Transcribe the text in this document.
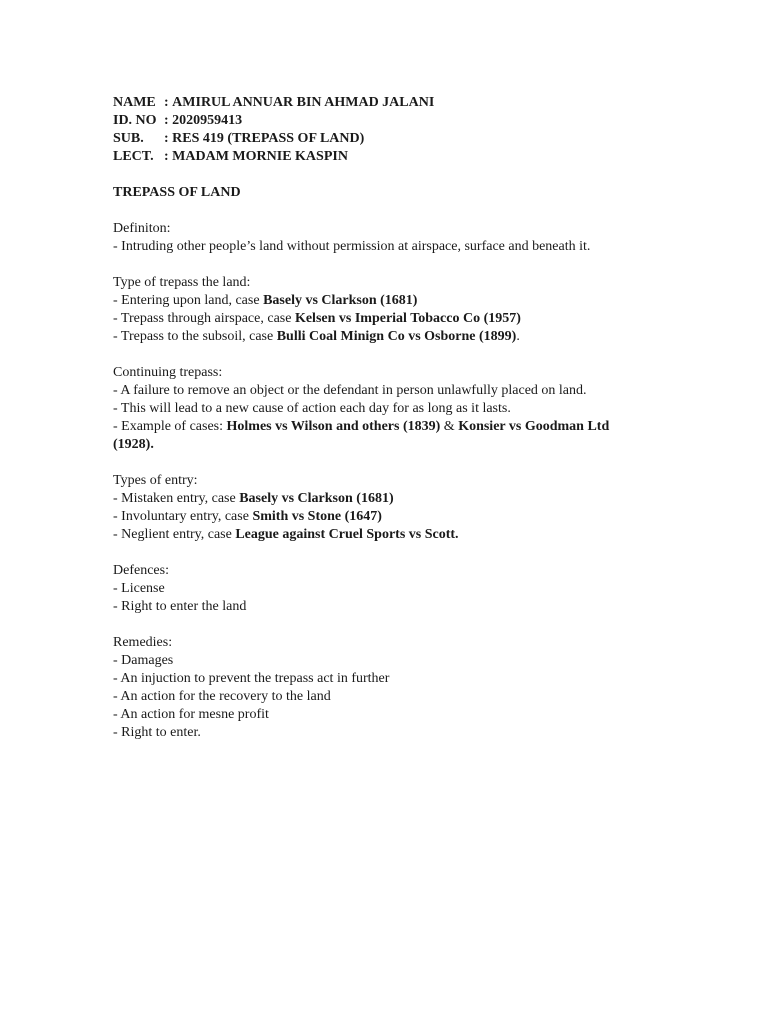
NAME :
AMIRUL ANNUAR BIN AHMAD JALANI
ID. NO :
2020959413
SUB.	:
RES 419 (TREPASS OF LAND)
LECT. :
MADAM MORNIE KASPIN
TREPASS OF LAND
Definiton:
- Intruding other people’s land without permission at airspace, surface and beneath it.
Type of trepass the land:
- Entering upon land, case Basely vs Clarkson (1681)
- Trepass through airspace, case Kelsen vs Imperial Tobacco Co (1957)
- Trepass to the subsoil, case Bulli Coal Minign Co vs Osborne (1899).
Continuing trepass:
- A failure to remove an object or the defendant in person unlawfully placed on land.
- This will lead to a new cause of action each day for as long as it lasts.
- Example of cases: Holmes vs Wilson and others (1839) & Konsier vs Goodman Ltd (1928).
Types of entry:
- Mistaken entry, case Basely vs Clarkson (1681)
- Involuntary entry, case Smith vs Stone (1647)
- Neglient entry, case League against Cruel Sports vs Scott.
Defences:
- License
- Right to enter the land
Remedies:
- Damages
- An injuction to prevent the trepass act in further
- An action for the recovery to the land
- An action for mesne profit
- Right to enter.
